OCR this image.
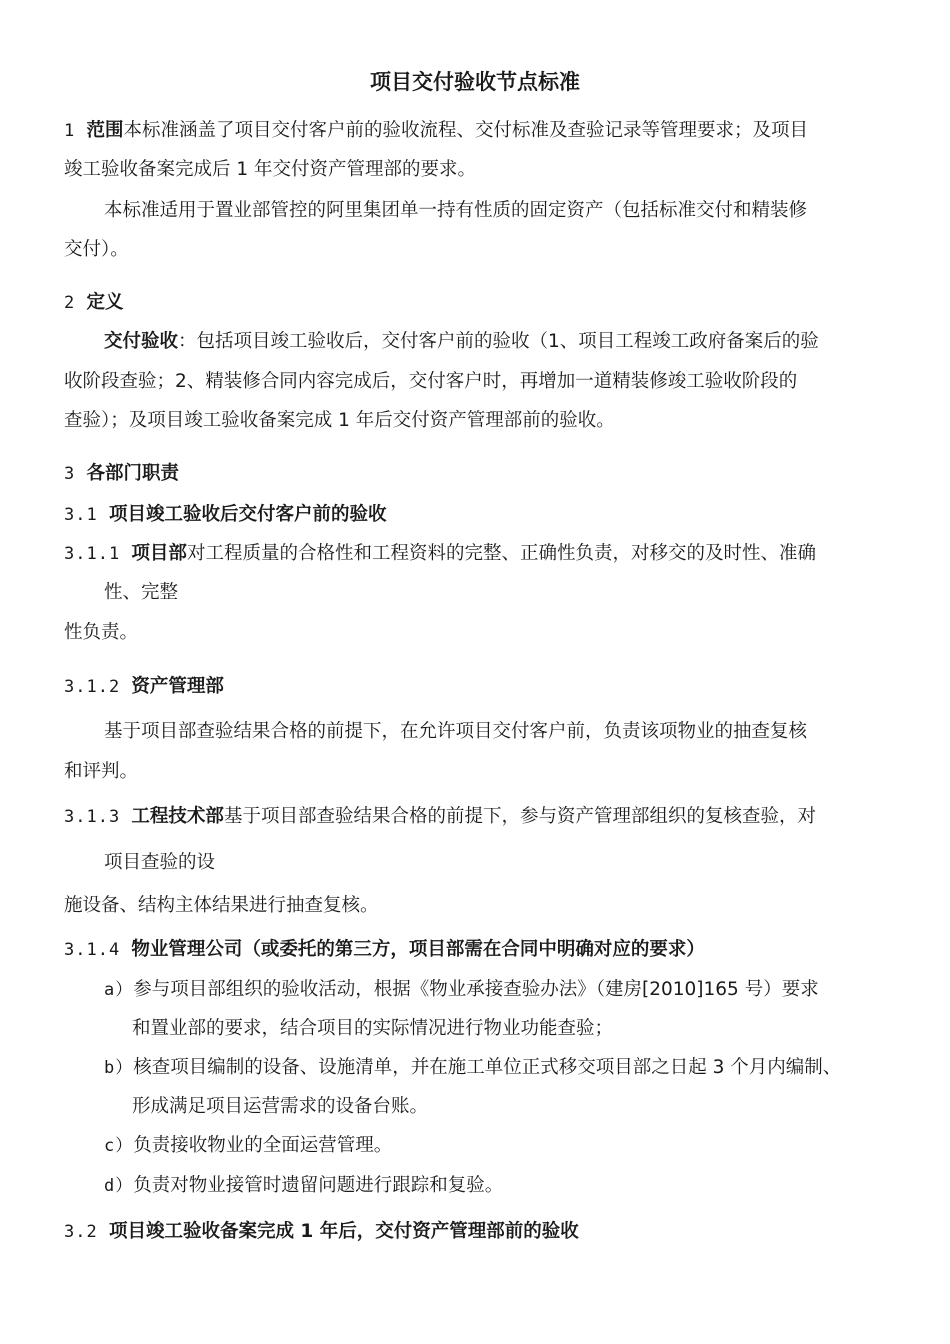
项目交付验收节点标准
1 范围本标准涵盖了项目交付客户前的验收流程、交付标准及查验记录等管理要求；及项目
竣工验收备案完成后 1 年交付资产管理部的要求。
本标准适用于置业部管控的阿里集团单一持有性质的固定资产（包括标准交付和精装修
交付）。
2 定义
交付验收：包括项目竣工验收后，交付客户前的验收（1、项目工程竣工政府备案后的验
收阶段查验；2、精装修合同内容完成后，交付客户时，再增加一道精装修竣工验收阶段的
查验）；及项目竣工验收备案完成 1 年后交付资产管理部前的验收。
3 各部门职责
3.1 项目竣工验收后交付客户前的验收
3.1.1 项目部对工程质量的合格性和工程资料的完整、正确性负责，对移交的及时性、准确
性、完整
性负责。
3.1.2 资产管理部
基于项目部查验结果合格的前提下，在允许项目交付客户前，负责该项物业的抽查复核
和评判。
3.1.3 工程技术部基于项目部查验结果合格的前提下，参与资产管理部组织的复核查验，对
项目查验的设
施设备、结构主体结果进行抽查复核。
3.1.4 物业管理公司（或委托的第三方，项目部需在合同中明确对应的要求）
a）参与项目部组织的验收活动，根据《物业承接查验办法》（建房[2010]165 号）要求
和置业部的要求，结合项目的实际情况进行物业功能查验；
b）核查项目编制的设备、设施清单，并在施工单位正式移交项目部之日起 3 个月内编制、
形成满足项目运营需求的设备台账。
c）负责接收物业的全面运营管理。
d）负责对物业接管时遗留问题进行跟踪和复验。
3.2 项目竣工验收备案完成 1 年后，交付资产管理部前的验收
